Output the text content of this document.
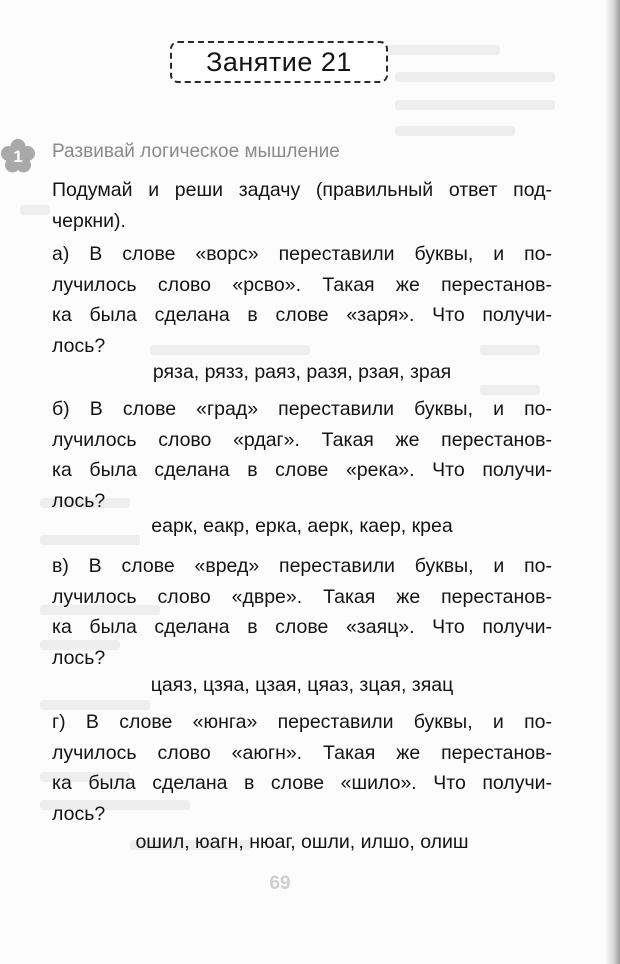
Занятие 21
1 Развивай логическое мышление
Подумай и реши задачу (правильный ответ под-
черкни).
а) В слове «ворс» переставили буквы, и по-
лучилось слово «рсво». Такая же перестанов-
ка была сделана в слове «заря». Что получи-
лось?
ряза, рязз, раяз, разя, рзая, зрая
б) В слове «град» переставили буквы, и по-
лучилось слово «рдаг». Такая же перестанов-
ка была сделана в слове «река». Что получи-
лось?
еарк, еакр, ерка, аерк, каер, креа
в) В слове «вред» переставили буквы, и по-
лучилось слово «двре». Такая же перестанов-
ка была сделана в слове «заяц». Что получи-
лось?
цаяз, цзяа, цзая, цяаз, зцая, зяац
г) В слове «юнга» переставили буквы, и по-
лучилось слово «аюгн». Такая же перестанов-
ка была сделана в слове «шило». Что получи-
лось?
ошил, юагн, нюаг, ошли, илшо, олиш
69
